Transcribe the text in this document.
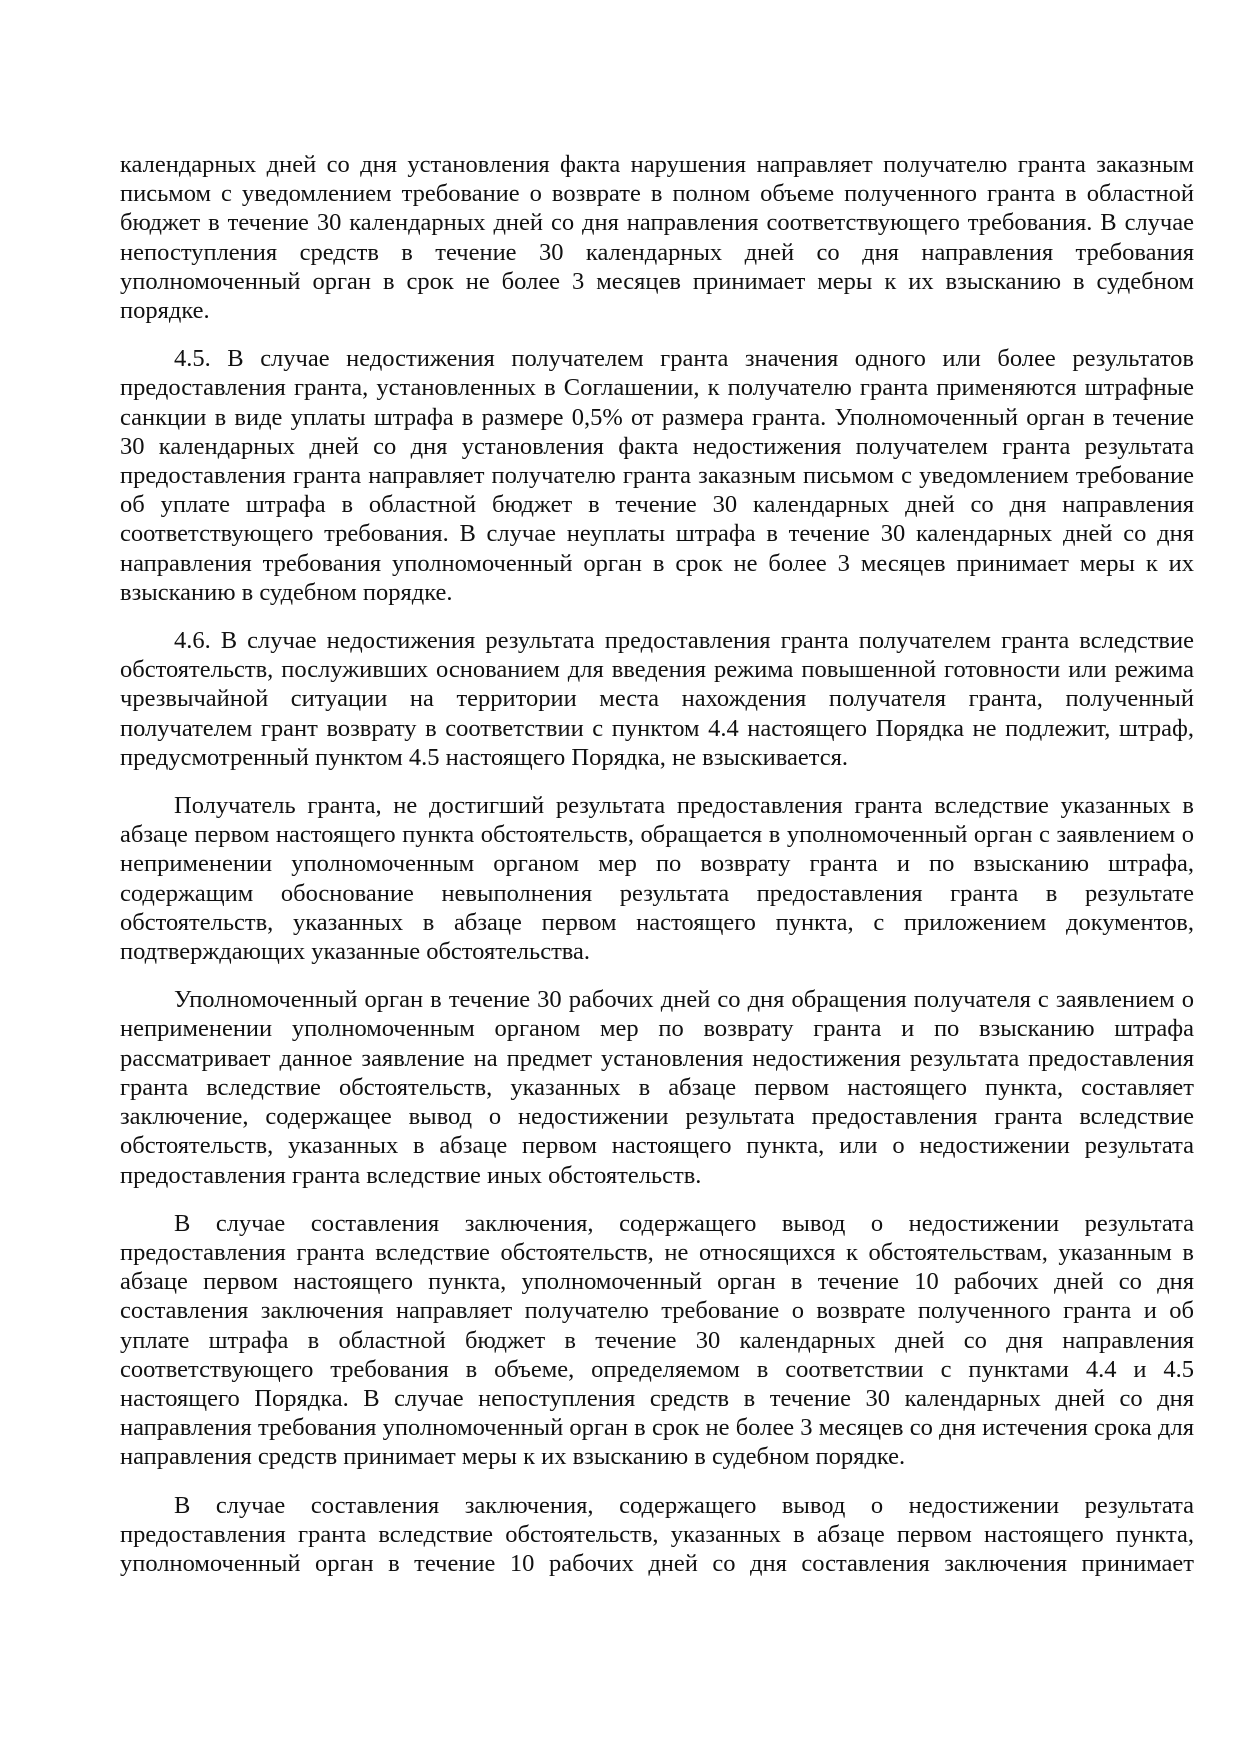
календарных дней со дня установления факта нарушения направляет получателю гранта заказным письмом с уведомлением требование о возврате в полном объеме полученного гранта в областной бюджет в течение 30 календарных дней со дня направления соответствующего требования. В случае непоступления средств в течение 30 календарных дней со дня направления требования уполномоченный орган в срок не более 3 месяцев принимает меры к их взысканию в судебном порядке.

4.5. В случае недостижения получателем гранта значения одного или более результатов предоставления гранта, установленных в Соглашении, к получателю гранта применяются штрафные санкции в виде уплаты штрафа в размере 0,5% от размера гранта. Уполномоченный орган в течение 30 календарных дней со дня установления факта недостижения получателем гранта результата предоставления гранта направляет получателю гранта заказным письмом с уведомлением требование об уплате штрафа в областной бюджет в течение 30 календарных дней со дня направления соответствующего требования. В случае неуплаты штрафа в течение 30 календарных дней со дня направления требования уполномоченный орган в срок не более 3 месяцев принимает меры к их взысканию в судебном порядке.

4.6. В случае недостижения результата предоставления гранта получателем гранта вследствие обстоятельств, послуживших основанием для введения режима повышенной готовности или режима чрезвычайной ситуации на территории места нахождения получателя гранта, полученный получателем грант возврату в соответствии с пунктом 4.4 настоящего Порядка не подлежит, штраф, предусмотренный пунктом 4.5 настоящего Порядка, не взыскивается.

Получатель гранта, не достигший результата предоставления гранта вследствие указанных в абзаце первом настоящего пункта обстоятельств, обращается в уполномоченный орган с заявлением о неприменении уполномоченным органом мер по возврату гранта и по взысканию штрафа, содержащим обоснование невыполнения результата предоставления гранта в результате обстоятельств, указанных в абзаце первом настоящего пункта, с приложением документов, подтверждающих указанные обстоятельства.

Уполномоченный орган в течение 30 рабочих дней со дня обращения получателя с заявлением о неприменении уполномоченным органом мер по возврату гранта и по взысканию штрафа рассматривает данное заявление на предмет установления недостижения результата предоставления гранта вследствие обстоятельств, указанных в абзаце первом настоящего пункта, составляет заключение, содержащее вывод о недостижении результата предоставления гранта вследствие обстоятельств, указанных в абзаце первом настоящего пункта, или о недостижении результата предоставления гранта вследствие иных обстоятельств.

В случае составления заключения, содержащего вывод о недостижении результата предоставления гранта вследствие обстоятельств, не относящихся к обстоятельствам, указанным в абзаце первом настоящего пункта, уполномоченный орган в течение 10 рабочих дней со дня составления заключения направляет получателю требование о возврате полученного гранта и об уплате штрафа в областной бюджет в течение 30 календарных дней со дня направления соответствующего требования в объеме, определяемом в соответствии с пунктами 4.4 и 4.5 настоящего Порядка. В случае непоступления средств в течение 30 календарных дней со дня направления требования уполномоченный орган в срок не более 3 месяцев со дня истечения срока для направления средств принимает меры к их взысканию в судебном порядке.

В случае составления заключения, содержащего вывод о недостижении результата предоставления гранта вследствие обстоятельств, указанных в абзаце первом настоящего пункта, уполномоченный орган в течение 10 рабочих дней со дня составления заключения принимает
